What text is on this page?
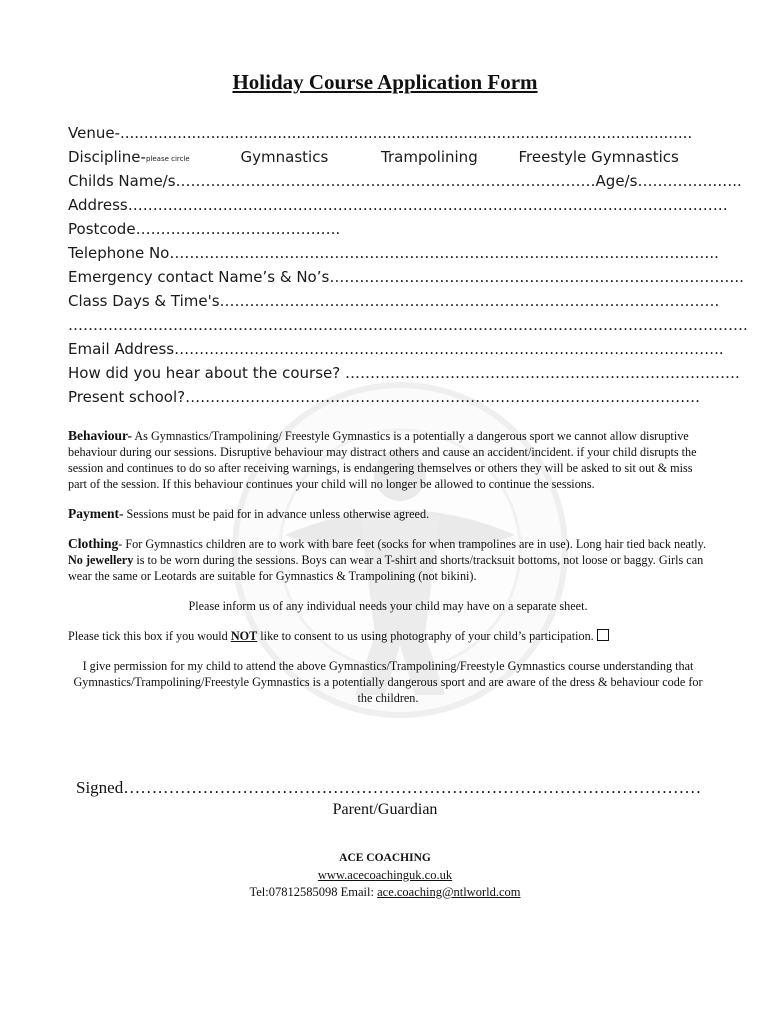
Holiday Course Application Form
Venue-........................................................................................................................
Discipline-please circle	Gymnastics	Trampolining	Freestyle Gymnastics
Childs Name/s…………………………………………………………………………Age/s…………….…..
Address…………………………………………………………………………………………………………
Postcode…………………………………..
Telephone No………………………………………………………………………………………………..
Emergency contact Name’s & No’s………………………………………………………………………..
Class Days & Time's……………………………………………………………………………………….
……………………………………………………………………………………………………………………….
Email Address………………………………………………………………………………………………..
How did you hear about the course? …………………………………………………………………….
Present school?………………………………………………………………………………………….

Behaviour- As Gymnastics/Trampolining/ Freestyle Gymnastics is a potentially a dangerous sport we cannot allow disruptive behaviour during our sessions. Disruptive behaviour may distract others and cause an accident/incident. if your child disrupts the session and continues to do so after receiving warnings, is endangering themselves or others they will be asked to sit out & miss part of the session. If this behaviour continues your child will no longer be allowed to continue the sessions.

Payment- Sessions must be paid for in advance unless otherwise agreed.

Clothing- For Gymnastics children are to work with bare feet (socks for when trampolines are in use). Long hair tied back neatly. No jewellery is to be worn during the sessions. Boys can wear a T-shirt and shorts/tracksuit bottoms, not loose or baggy. Girls can wear the same or Leotards are suitable for Gymnastics & Trampolining (not bikini).

Please inform us of any individual needs your child may have on a separate sheet.

Please tick this box if you would NOT like to consent to us using photography of your child’s participation.

I give permission for my child to attend the above Gymnastics/Trampolining/Freestyle Gymnastics course understanding that Gymnastics/Trampolining/Freestyle Gymnastics is a potentially dangerous sport and are aware of the dress & behaviour code for the children.

Signed…………………………………………………………………………………………
Parent/Guardian
ACE COACHING
www.acecoachinguk.co.uk
Tel:07812585098 Email: ace.coaching@ntlworld.com
